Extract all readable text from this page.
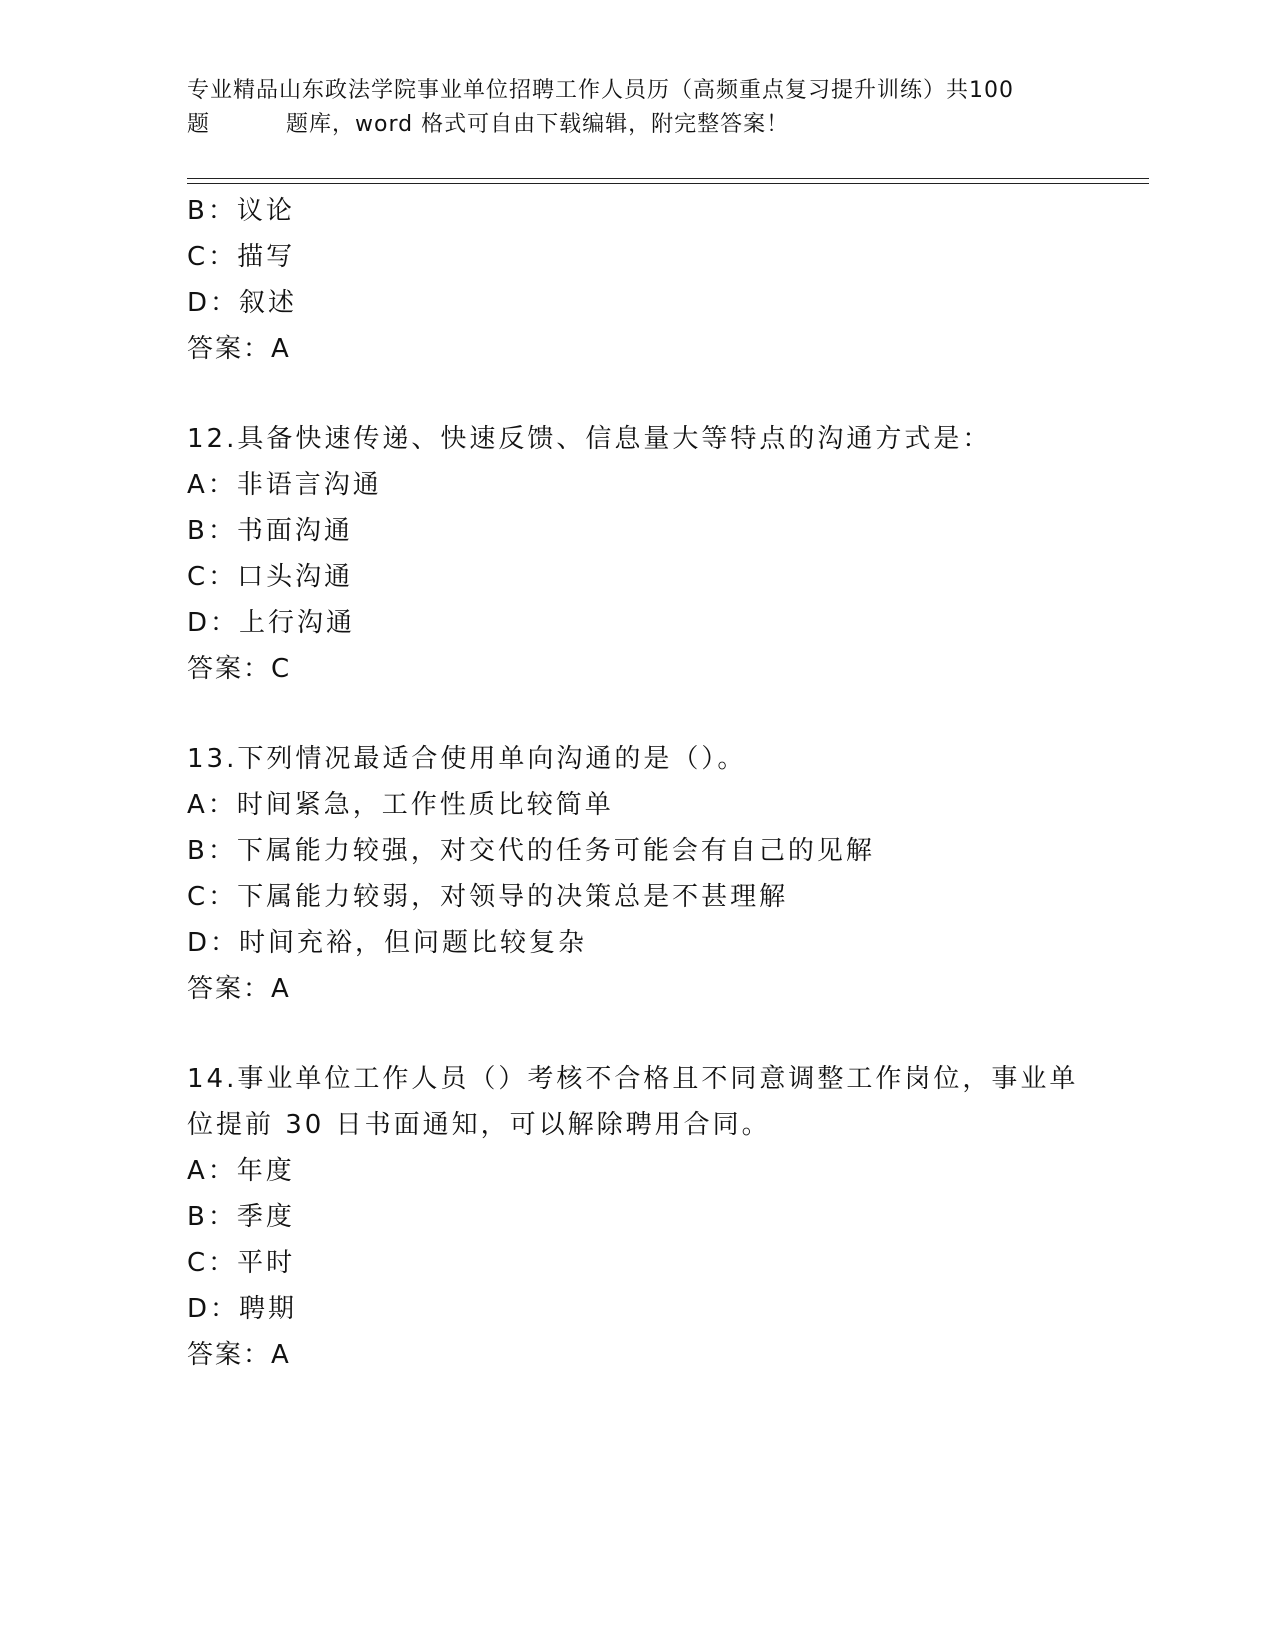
专业精品山东政法学院事业单位招聘工作人员历（高频重点复习提升训练）共100
题	题库，word 格式可自由下载编辑，附完整答案！
B：议论
C：描写
D：叙述
答案：A
12.具备快速传递、快速反馈、信息量大等特点的沟通方式是：
A：非语言沟通
B：书面沟通
C：口头沟通
D：上行沟通
答案：C
13.下列情况最适合使用单向沟通的是（）。
A：时间紧急，工作性质比较简单
B：下属能力较强，对交代的任务可能会有自己的见解
C：下属能力较弱，对领导的决策总是不甚理解
D：时间充裕，但问题比较复杂
答案：A
14.事业单位工作人员（）考核不合格且不同意调整工作岗位，事业单
位提前 30 日书面通知，可以解除聘用合同。
A：年度
B：季度
C：平时
D：聘期
答案：A
